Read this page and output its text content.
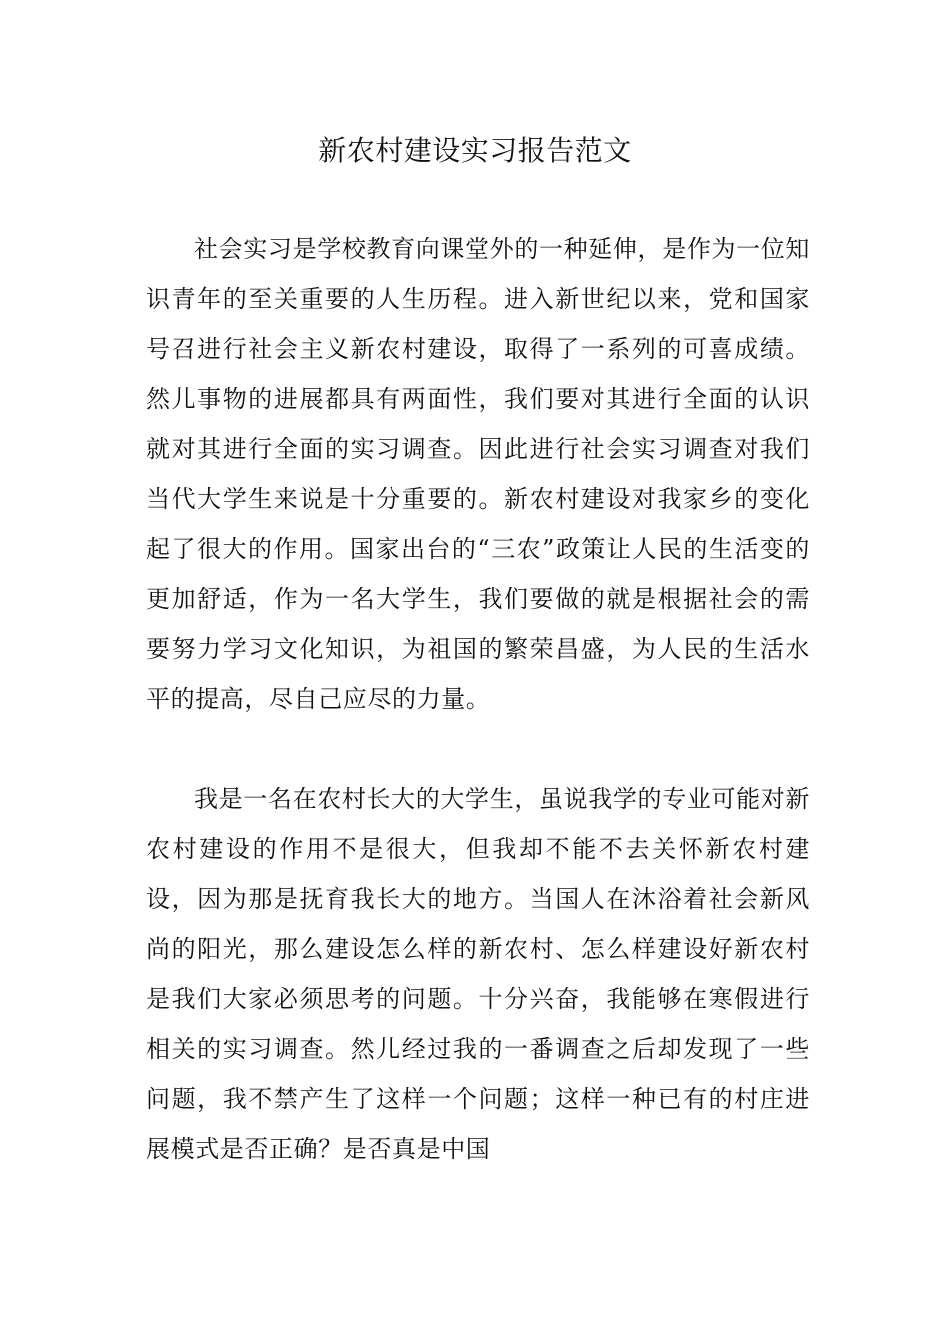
新农村建设实习报告范文

社会实习是学校教育向课堂外的一种延伸，是作为一位知识青年的至关重要的人生历程。进入新世纪以来，党和国家号召进行社会主义新农村建设，取得了一系列的可喜成绩。然儿事物的进展都具有两面性，我们要对其进行全面的认识就对其进行全面的实习调查。因此进行社会实习调查对我们当代大学生来说是十分重要的。新农村建设对我家乡的变化起了很大的作用。国家出台的“三农”政策让人民的生活变的更加舒适，作为一名大学生，我们要做的就是根据社会的需要努力学习文化知识，为祖国的繁荣昌盛，为人民的生活水平的提高，尽自己应尽的力量。

我是一名在农村长大的大学生，虽说我学的专业可能对新农村建设的作用不是很大，但我却不能不去关怀新农村建设，因为那是抚育我长大的地方。当国人在沐浴着社会新风尚的阳光，那么建设怎么样的新农村、怎么样建设好新农村是我们大家必须思考的问题。十分兴奋，我能够在寒假进行相关的实习调查。然儿经过我的一番调查之后却发现了一些问题，我不禁产生了这样一个问题；这样一种已有的村庄进展模式是否正确？是否真是中国
